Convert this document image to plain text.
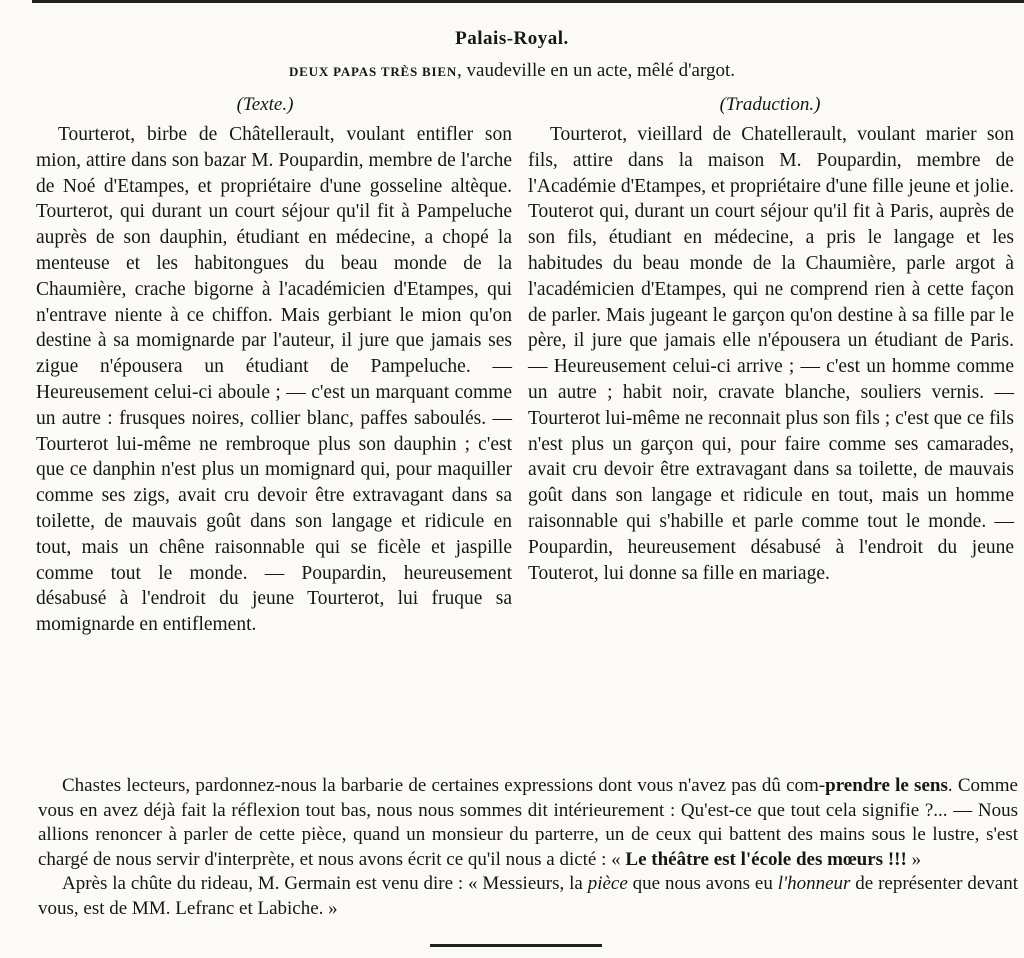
Palais-Royal.
DEUX PAPAS TRÈS BIEN, vaudeville en un acte, mêlé d'argot.
(Texte.)	(Traduction.)

Tourterot, birbe de Châtellerault, voulant entifler son mion, attire dans son bazar M. Poupardin, membre de l'arche de Noé d'Etampes, et propriétaire d'une gosseline altèque. Tourterot, qui durant un court séjour qu'il fit à Pampeluche auprès de son dauphin, étudiant en médecine, a chopé la menteuse et les habitongues du beau monde de la Chaumière, crache bigorne à l'académicien d'Etampes, qui n'entrave niente à ce chiffon. Mais gerbiant le mion qu'on destine à sa momignarde par l'auteur, il jure que jamais ses zigue n'épousera un étudiant de Pampeluche. — Heureusement celui-ci aboule ; — c'est un marquant comme un autre : frusques noires, collier blanc, paffes saboulés. — Tourterot lui-même ne rembroque plus son dauphin ; c'est que ce danphin n'est plus un momignard qui, pour maquiller comme ses zigs, avait cru devoir être extravagant dans sa toilette, de mauvais goût dans son langage et ridicule en tout, mais un chêne raisonnable qui se ficèle et jaspille comme tout le monde. — Poupardin, heureusement désabusé à l'endroit du jeune Tourterot, lui fruque sa momignarde en entiflement.

Tourterot, vieillard de Chatellerault, voulant marier son fils, attire dans la maison M. Poupardin, membre de l'Académie d'Etampes, et propriétaire d'une fille jeune et jolie. Touterot qui, durant un court séjour qu'il fit à Paris, auprès de son fils, étudiant en médecine, a pris le langage et les habitudes du beau monde de la Chaumière, parle argot à l'académicien d'Etampes, qui ne comprend rien à cette façon de parler. Mais jugeant le garçon qu'on destine à sa fille par le père, il jure que jamais elle n'épousera un étudiant de Paris. — Heureusement celui-ci arrive ; — c'est un homme comme un autre ; habit noir, cravate blanche, souliers vernis. — Tourterot lui-même ne reconnait plus son fils ; c'est que ce fils n'est plus un garçon qui, pour faire comme ses camarades, avait cru devoir être extravagant dans sa toilette, de mauvais goût dans son langage et ridicule en tout, mais un homme raisonnable qui s'habille et parle comme tout le monde. — Poupardin, heureusement désabusé à l'endroit du jeune Touterot, lui donne sa fille en mariage.

Chastes lecteurs, pardonnez-nous la barbarie de certaines expressions dont vous n'avez pas dû com-prendre le sens. Comme vous en avez déjà fait la réflexion tout bas, nous nous sommes dit intérieurement : Qu'est-ce que tout cela signifie ?... — Nous allions renoncer à parler de cette pièce, quand un monsieur du parterre, un de ceux qui battent des mains sous le lustre, s'est chargé de nous servir d'interprète, et nous avons écrit ce qu'il nous a dicté : « Le théâtre est l'école des mœurs !!! »

Après la chûte du rideau, M. Germain est venu dire : « Messieurs, la pièce que nous avons eu l'honneur de représenter devant vous, est de MM. Lefranc et Labiche. »
